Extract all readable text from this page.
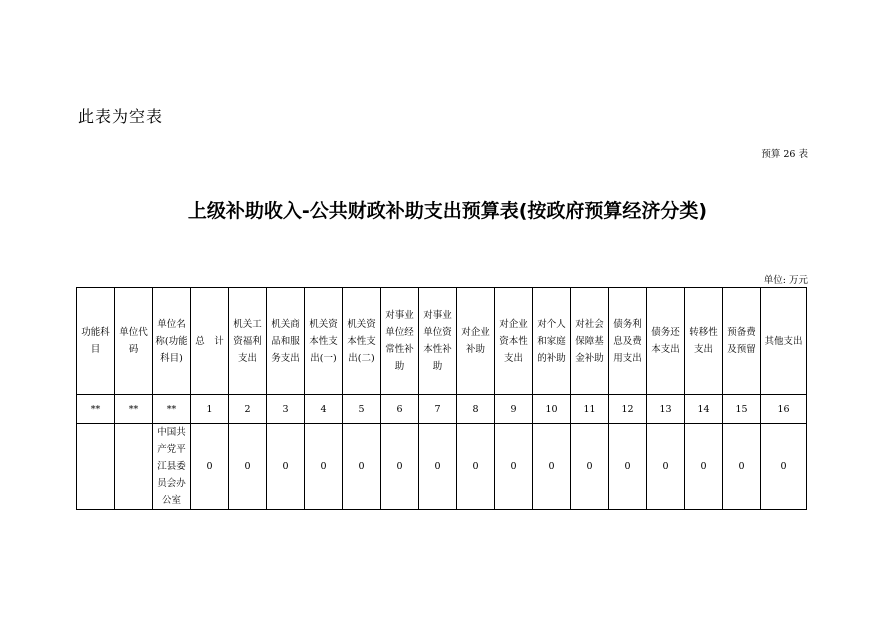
此表为空表
预算 26 表
上级补助收入-公共财政补助支出预算表(按政府预算经济分类)
单位: 万元
功能科目	单位代码	单位名称(功能科目)	总　计	机关工资福利支出	机关商品和服务支出	机关资本性支出(一)	机关资本性支出(二)	对事业单位经常性补助	对事业单位资本性补助	对企业补助	对企业资本性支出	对个人和家庭的补助	对社会保障基金补助	债务利息及费用支出	债务还本支出	转移性支出	预备费及预留	其他支出
**	**	**	1	2	3	4	5	6	7	8	9	10	11	12	13	14	15	16
		中国共产党平江县委员会办公室	0	0	0	0	0	0	0	0	0	0	0	0	0	0	0	0
